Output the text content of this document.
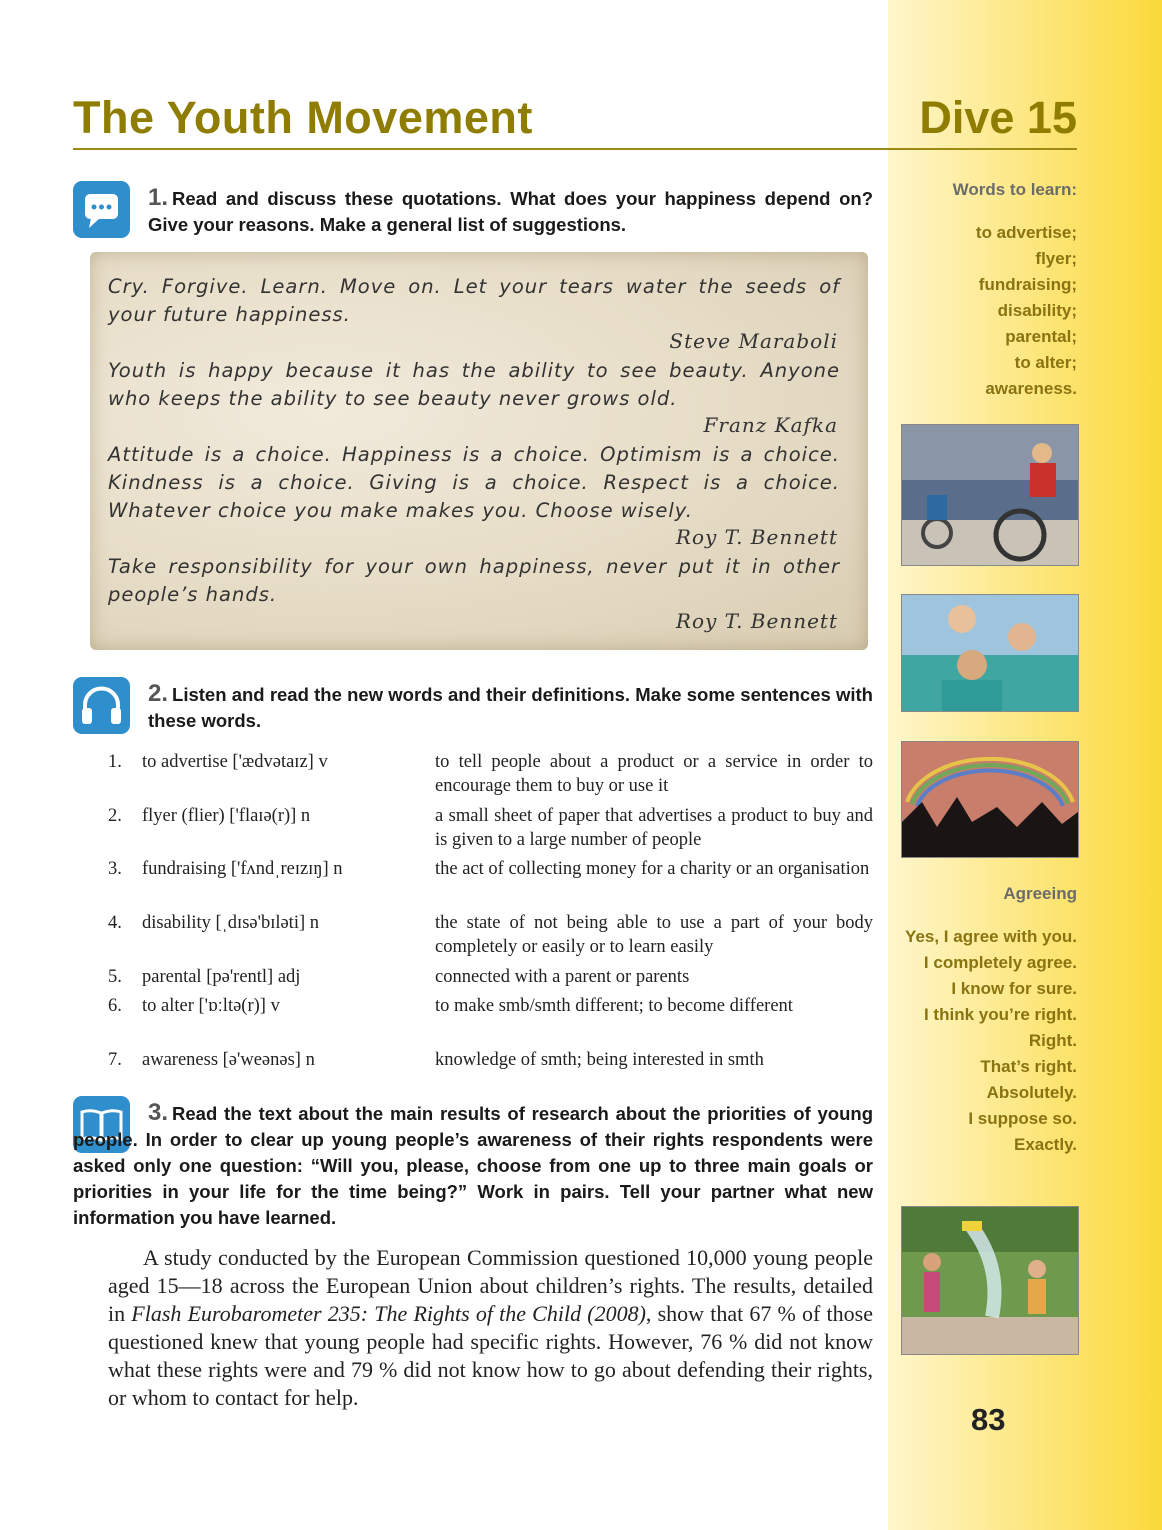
The Youth Movement	Dive 15
1. Read and discuss these quotations. What does your happiness depend on? Give your reasons. Make a general list of suggestions.
Cry. Forgive. Learn. Move on. Let your tears water the seeds of your future happiness.
Steve Maraboli
Youth is happy because it has the ability to see beauty. Anyone who keeps the ability to see beauty never grows old.
Franz Kafka
Attitude is a choice. Happiness is a choice. Optimism is a choice. Kindness is a choice. Giving is a choice. Respect is a choice. Whatever choice you make makes you. Choose wisely.
Roy T. Bennett
Take responsibility for your own happiness, never put it in other people’s hands.
Roy T. Bennett
2. Listen and read the new words and their definitions. Make some sentences with these words.
1. to advertise ['ædvətaɪz] v	to tell people about a product or a service in order to encourage them to buy or use it
2. flyer (flier) ['flaɪə(r)] n	a small sheet of paper that advertises a product to buy and is given to a large number of people
3. fundraising ['fʌndˌreɪzɪŋ] n	the act of collecting money for a charity or an organisation
4. disability [ˌdɪsə'bɪləti] n	the state of not being able to use a part of your body completely or easily or to learn easily
5. parental [pə'rentl] adj	connected with a parent or parents
6. to alter ['ɒːltə(r)] v	to make smb/smth different; to become different
7. awareness [ə'weənəs] n	knowledge of smth; being interested in smth
3. Read the text about the main results of research about the priorities of young people. In order to clear up young people’s awareness of their rights respondents were asked only one question: “Will you, please, choose from one up to three main goals or priorities in your life for the time being?” Work in pairs. Tell your partner what new information you have learned.
A study conducted by the European Commission questioned 10,000 young people aged 15—18 across the European Union about children’s rights. The results, detailed in Flash Eurobarometer 235: The Rights of the Child (2008), show that 67 % of those questioned knew that young people had specific rights. However, 76 % did not know what these rights were and 79 % did not know how to go about defending their rights, or whom to contact for help.
Words to learn:
to advertise;
flyer;
fundraising;
disability;
parental;
to alter;
awareness.
Agreeing
Yes, I agree with you.
I completely agree.
I know for sure.
I think you’re right.
Right.
That’s right.
Absolutely.
I suppose so.
Exactly.
83
